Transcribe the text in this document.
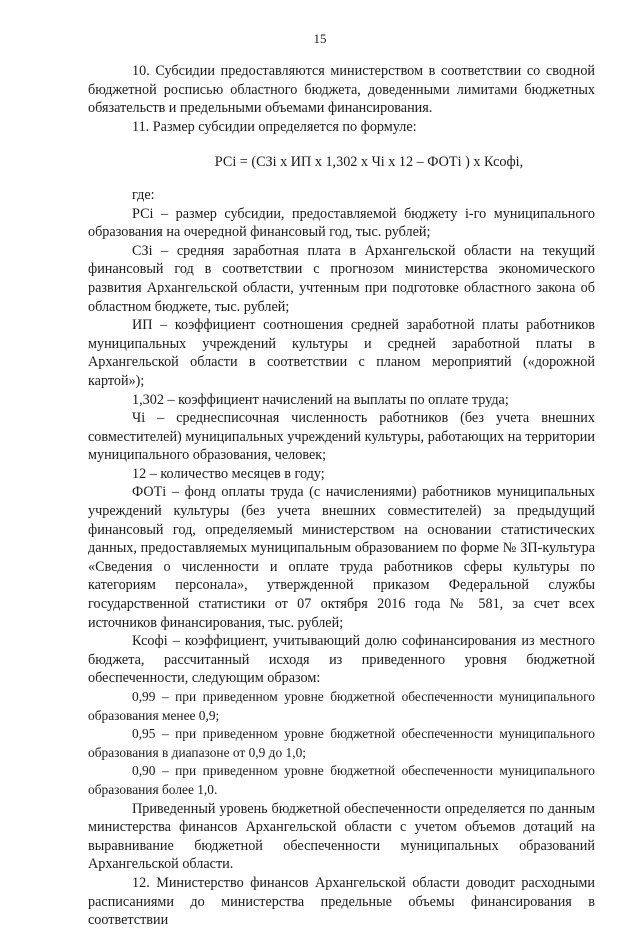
15

10. Субсидии предоставляются министерством в соответствии со сводной бюджетной росписью областного бюджета, доведенными лимитами бюджетных обязательств и предельными объемами финансирования.

11. Размер субсидии определяется по формуле:

РСi = (СЗi х ИП х 1,302 х Чi х 12 – ФОТi ) х Ксофi,

где:

РСi – размер субсидии, предоставляемой бюджету i-го муниципального образования на очередной финансовый год, тыс. рублей;

СЗi – средняя заработная плата в Архангельской области на текущий финансовый год в соответствии с прогнозом министерства экономического развития Архангельской области, учтенным при подготовке областного закона об областном бюджете, тыс. рублей;

ИП – коэффициент соотношения средней заработной платы работников муниципальных учреждений культуры и средней заработной платы в Архангельской области в соответствии с планом мероприятий («дорожной картой»);

1,302 – коэффициент начислений на выплаты по оплате труда;

Чi – среднесписочная численность работников (без учета внешних совместителей) муниципальных учреждений культуры, работающих на территории муниципального образования, человек;

12 – количество месяцев в году;

ФОТi – фонд оплаты труда (с начислениями) работников муниципальных учреждений культуры (без учета внешних совместителей) за предыдущий финансовый год, определяемый министерством на основании статистических данных, предоставляемых муниципальным образованием по форме № ЗП-культура «Сведения о численности и оплате труда работников сферы культуры по категориям персонала», утвержденной приказом Федеральной службы государственной статистики от 07 октября 2016 года № 581, за счет всех источников финансирования, тыс. рублей;

Ксофi – коэффициент, учитывающий долю софинансирования из местного бюджета, рассчитанный исходя из приведенного уровня бюджетной обеспеченности, следующим образом:

0,99 – при приведенном уровне бюджетной обеспеченности муниципального образования менее 0,9;

0,95 – при приведенном уровне бюджетной обеспеченности муниципального образования в диапазоне от 0,9 до 1,0;

0,90 – при приведенном уровне бюджетной обеспеченности муниципального образования более 1,0.

Приведенный уровень бюджетной обеспеченности определяется по данным министерства финансов Архангельской области с учетом объемов дотаций на выравнивание бюджетной обеспеченности муниципальных образований Архангельской области.

12. Министерство финансов Архангельской области доводит расходными расписаниями до министерства предельные объемы финансирования в соответствии
